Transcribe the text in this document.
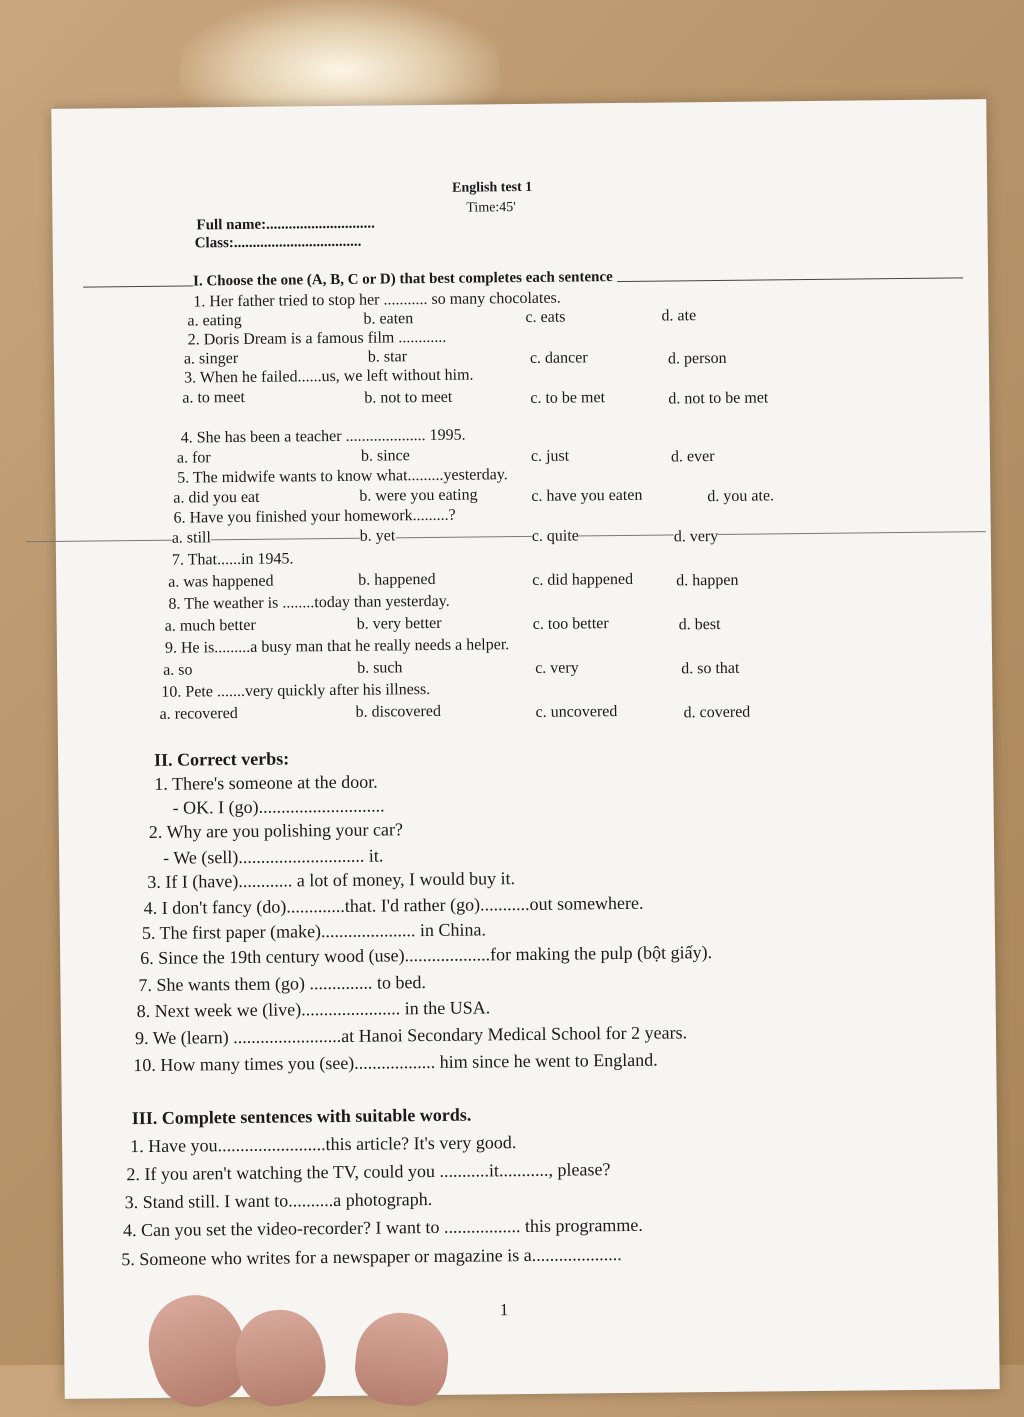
English test 1
Time:45'
Full name:.............................
Class:..................................
I. Choose the one (A, B, C or D) that best completes each sentence
1. Her father tried to stop her ........... so many chocolates.
a. eating	b. eaten	c. eats	d. ate
2. Doris Dream is a famous film ............
a. singer	b. star	c. dancer	d. person
3. When he failed......us, we left without him.
a. to meet	b. not to meet	c. to be met	d. not to be met
4. She has been a teacher .................... 1995.
a. for	b. since	c. just	d. ever
5. The midwife wants to know what.........yesterday.
a. did you eat	b. were you eating	c. have you eaten	d. you ate.
6. Have you finished your homework.........?
a. still	b. yet	c. quite	d. very
7. That......in 1945.
a. was happened	b. happened	c. did happened	d. happen
8. The weather is ........today than yesterday.
a. much better	b. very better	c. too better	d. best
9. He is.........a busy man that he really needs a helper.
a. so	b. such	c. very	d. so that
10. Pete .......very quickly after his illness.
a. recovered	b. discovered	c. uncovered	d. covered
II. Correct verbs:
1. There's someone at the door.
- OK. I (go)............................
2. Why are you polishing your car?
- We (sell)............................ it.
3. If I (have)............ a lot of money, I would buy it.
4. I don't fancy (do).............that. I'd rather (go)...........out somewhere.
5. The first paper (make)..................... in China.
6. Since the 19th century wood (use)...................for making the pulp (bột giấy).
7. She wants them (go) .............. to bed.
8. Next week we (live)...................... in the USA.
9. We (learn) ........................at Hanoi Secondary Medical School for 2 years.
10. How many times you (see).................. him since he went to England.
III. Complete sentences with suitable words.
1. Have you........................this article? It's very good.
2. If you aren't watching the TV, could you ...........it..........., please?
3. Stand still. I want to..........a photograph.
4. Can you set the video-recorder? I want to ................. this programme.
5. Someone who writes for a newspaper or magazine is a....................
1
